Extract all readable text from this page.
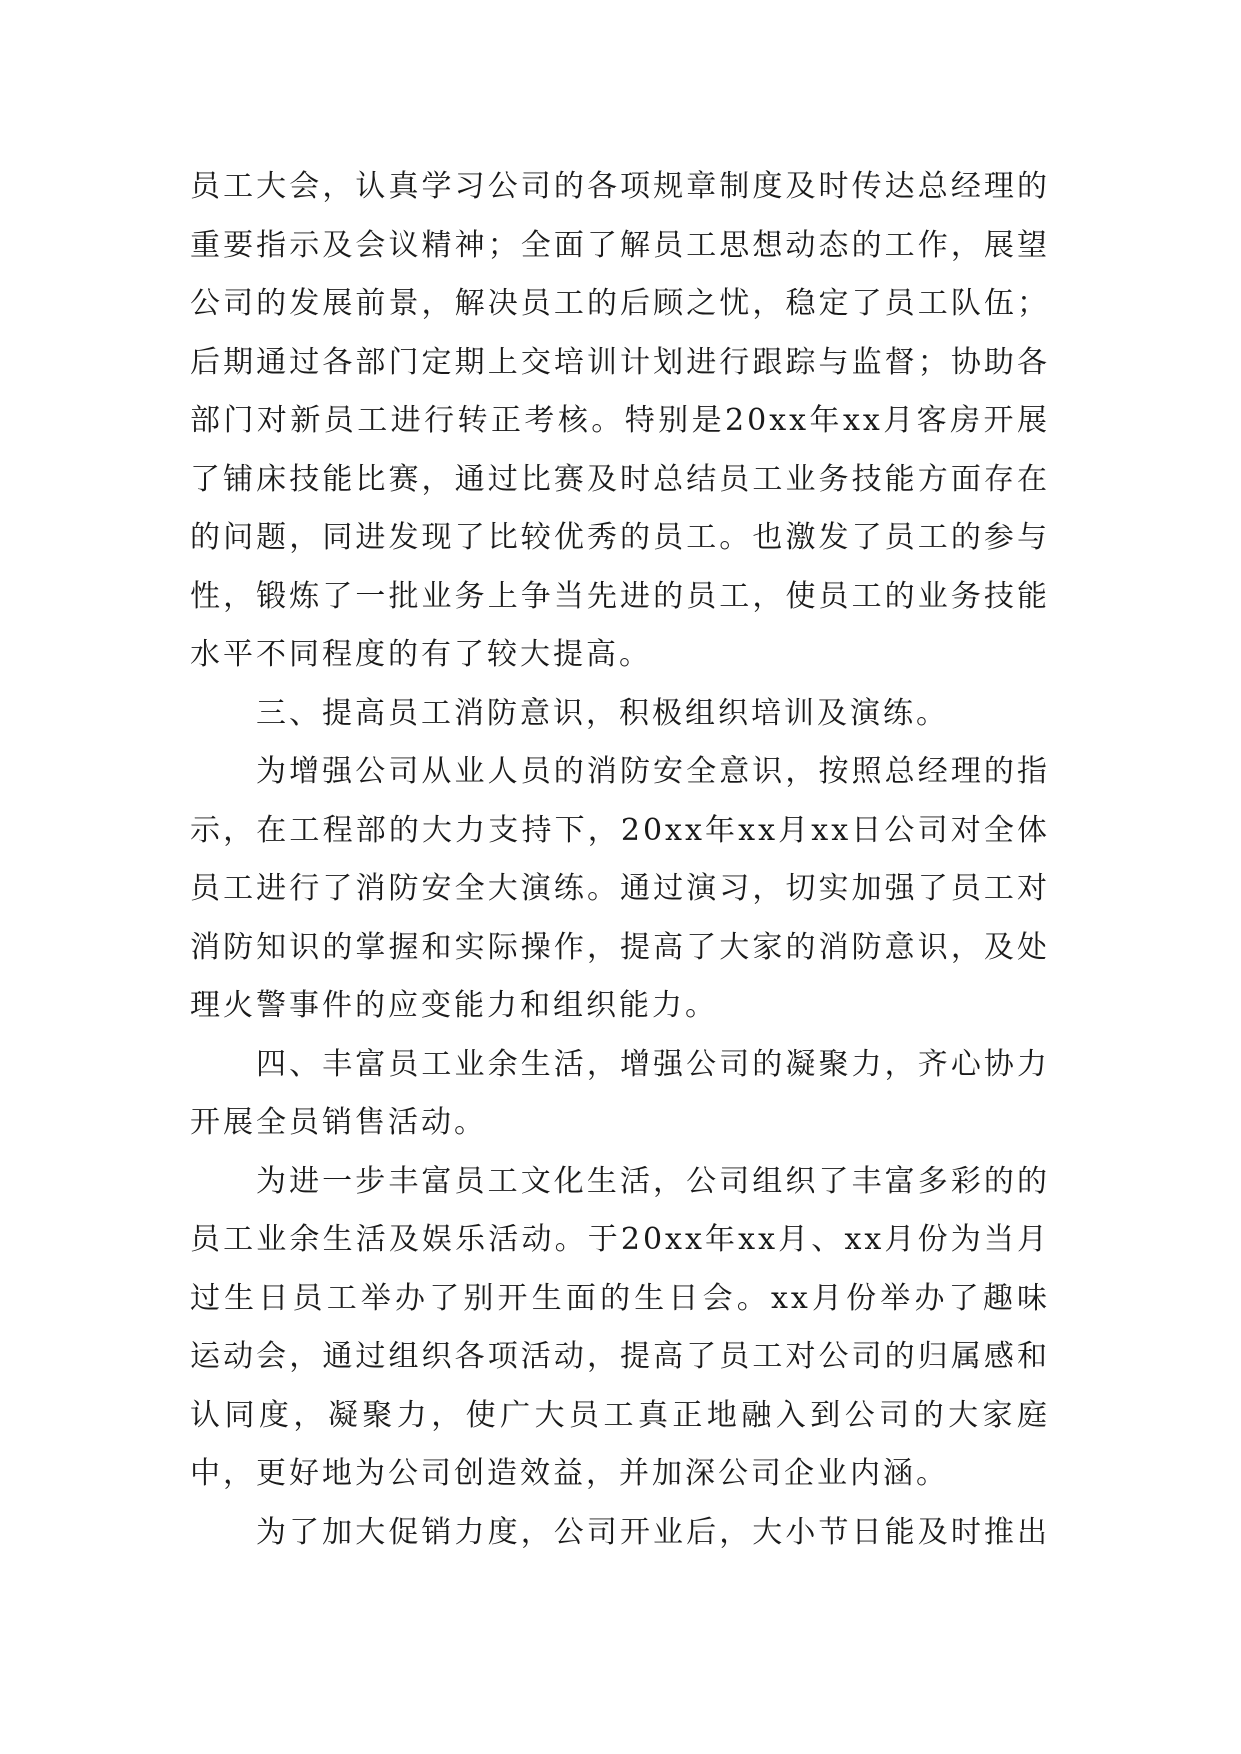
员工大会，认真学习公司的各项规章制度及时传达总经理的重要指示及会议精神；全面了解员工思想动态的工作，展望公司的发展前景，解决员工的后顾之忧，稳定了员工队伍；后期通过各部门定期上交培训计划进行跟踪与监督；协助各部门对新员工进行转正考核。特别是20xx年xx月客房开展了铺床技能比赛，通过比赛及时总结员工业务技能方面存在的问题，同进发现了比较优秀的员工。也激发了员工的参与性，锻炼了一批业务上争当先进的员工，使员工的业务技能水平不同程度的有了较大提高。

三、提高员工消防意识，积极组织培训及演练。

为增强公司从业人员的消防安全意识，按照总经理的指示，在工程部的大力支持下，20xx年xx月xx日公司对全体员工进行了消防安全大演练。通过演习，切实加强了员工对消防知识的掌握和实际操作，提高了大家的消防意识，及处理火警事件的应变能力和组织能力。

四、丰富员工业余生活，增强公司的凝聚力，齐心协力开展全员销售活动。

为进一步丰富员工文化生活，公司组织了丰富多彩的的员工业余生活及娱乐活动。于20xx年xx月、xx月份为当月过生日员工举办了别开生面的生日会。xx月份举办了趣味运动会，通过组织各项活动，提高了员工对公司的归属感和认同度，凝聚力，使广大员工真正地融入到公司的大家庭中，更好地为公司创造效益，并加深公司企业内涵。

为了加大促销力度，公司开业后，大小节日能及时推出
